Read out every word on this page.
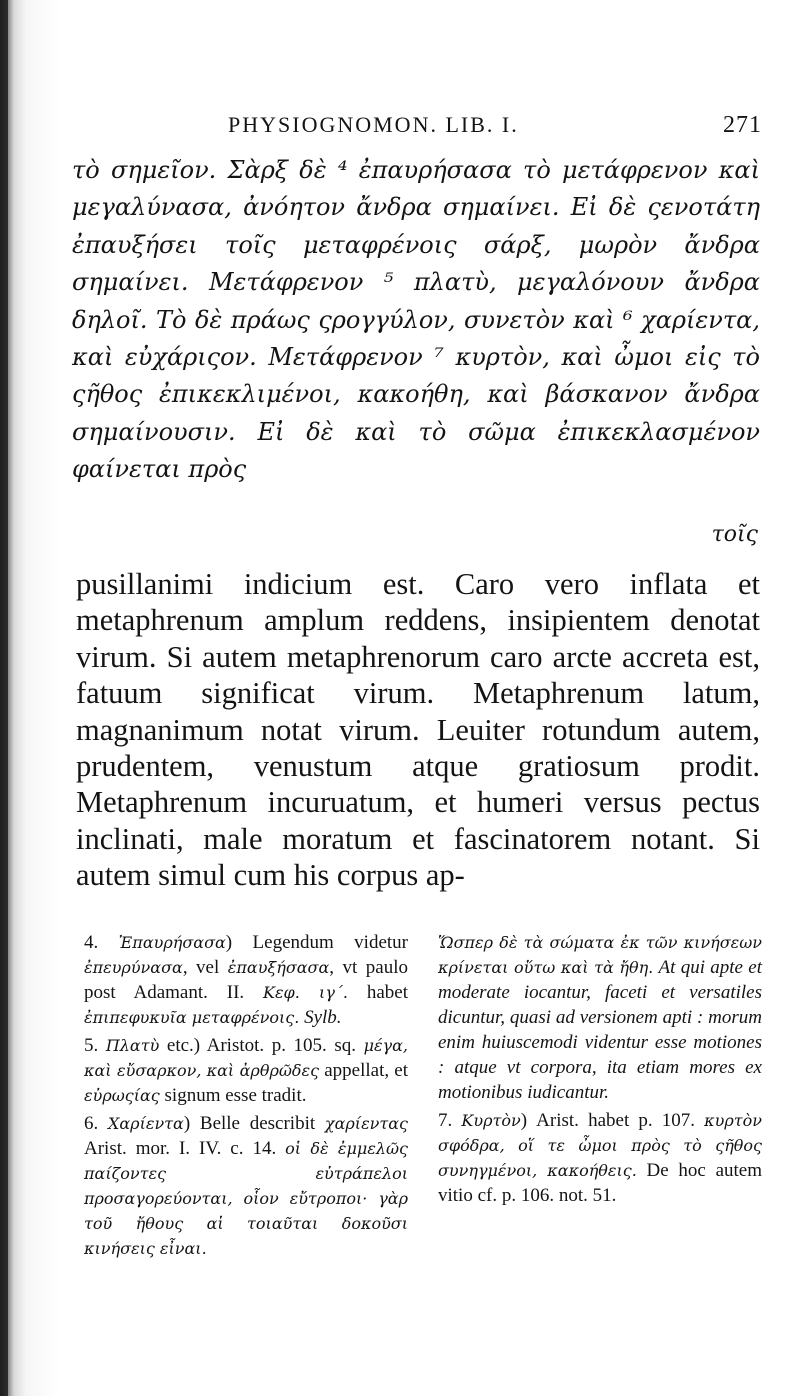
PHYSIOGNOMON. LIB. I.	271
τὸ σημεῖον. Σὰρξ δὲ ⁴ ἐπαυρήσασα τὸ μετάφρενον καὶ μεγαλύνασα, ἀνόητον ἄνδρα σημαίνει. Εἰ δὲ ςενοτάτη ἐπαυξήσει τοῖς μεταφρένοις σάρξ, μωρὸν ἄνδρα σημαίνει. Μετάφρενον ⁵ πλατὺ, μεγαλόνουν ἄνδρα δηλοῖ. Τὸ δὲ πράως ςρογγύλον, συνετὸν καὶ ⁶ χαρίεντα, καὶ εὐχάριςον. Μετάφρενον ⁷ κυρτὸν, καὶ ὦμοι εἰς τὸ ςῆθος ἐπικεκλιμένοι, κακοήθη, καὶ βάσκανον ἄνδρα σημαίνουσιν. Εἰ δὲ καὶ τὸ σῶμα ἐπικεκλασμένον φαίνεται πρὸς
τοῖς

pusillanimi indicium est. Caro vero inflata et metaphrenum amplum reddens, insipientem denotat virum. Si autem metaphrenorum caro arcte accreta est, fatuum significat virum. Metaphrenum latum, magnanimum notat virum. Leuiter rotundum autem, prudentem, venustum atque gratiosum prodit. Metaphrenum incuruatum, et humeri versus pectus inclinati, male moratum et fascinatorem notant. Si autem simul cum his corpus ap-

4. Ἐπαυρήσασα) Legendum videtur ἐπευρύνασα, vel ἐπαυξήσασα, vt paulo post Adamant. II. Κεφ. ιγ΄. habet ἐπιπεφυκυῖα μεταφρένοις. Sylb.

5. Πλατὺ etc.) Aristot. p. 105. sq. μέγα, καὶ εὔσαρκον, καὶ ἀρθρῶδες appellat, et εὐρωςίας signum esse tradit.

6. Χαρίεντα) Belle describit χαρίεντας Arist. mor. I. IV. c. 14. οἱ δὲ ἐμμελῶς παίζοντες εὐτράπελοι προσαγορεύονται, οἷον εὔτροποι· γὰρ τοῦ ἤθους αἱ τοιαῦται δοκοῦσι κινήσεις εἶναι.

Ὥσπερ δὲ τὰ σώματα ἐκ τῶν κινήσεων κρίνεται οὕτω καὶ τὰ ἤθη. At qui apte et moderate iocantur, faceti et versatiles dicuntur, quasi ad versionem apti : morum enim huiuscemodi videntur esse motiones : atque vt corpora, ita etiam mores ex motionibus iudicantur.

7. Κυρτὸν) Arist. habet p. 107. κυρτὸν σφόδρα, οἵ τε ὦμοι πρὸς τὸ ςῆθος συνηγμένοι, κακοήθεις. De hoc autem vitio cf. p. 106. not. 51.
